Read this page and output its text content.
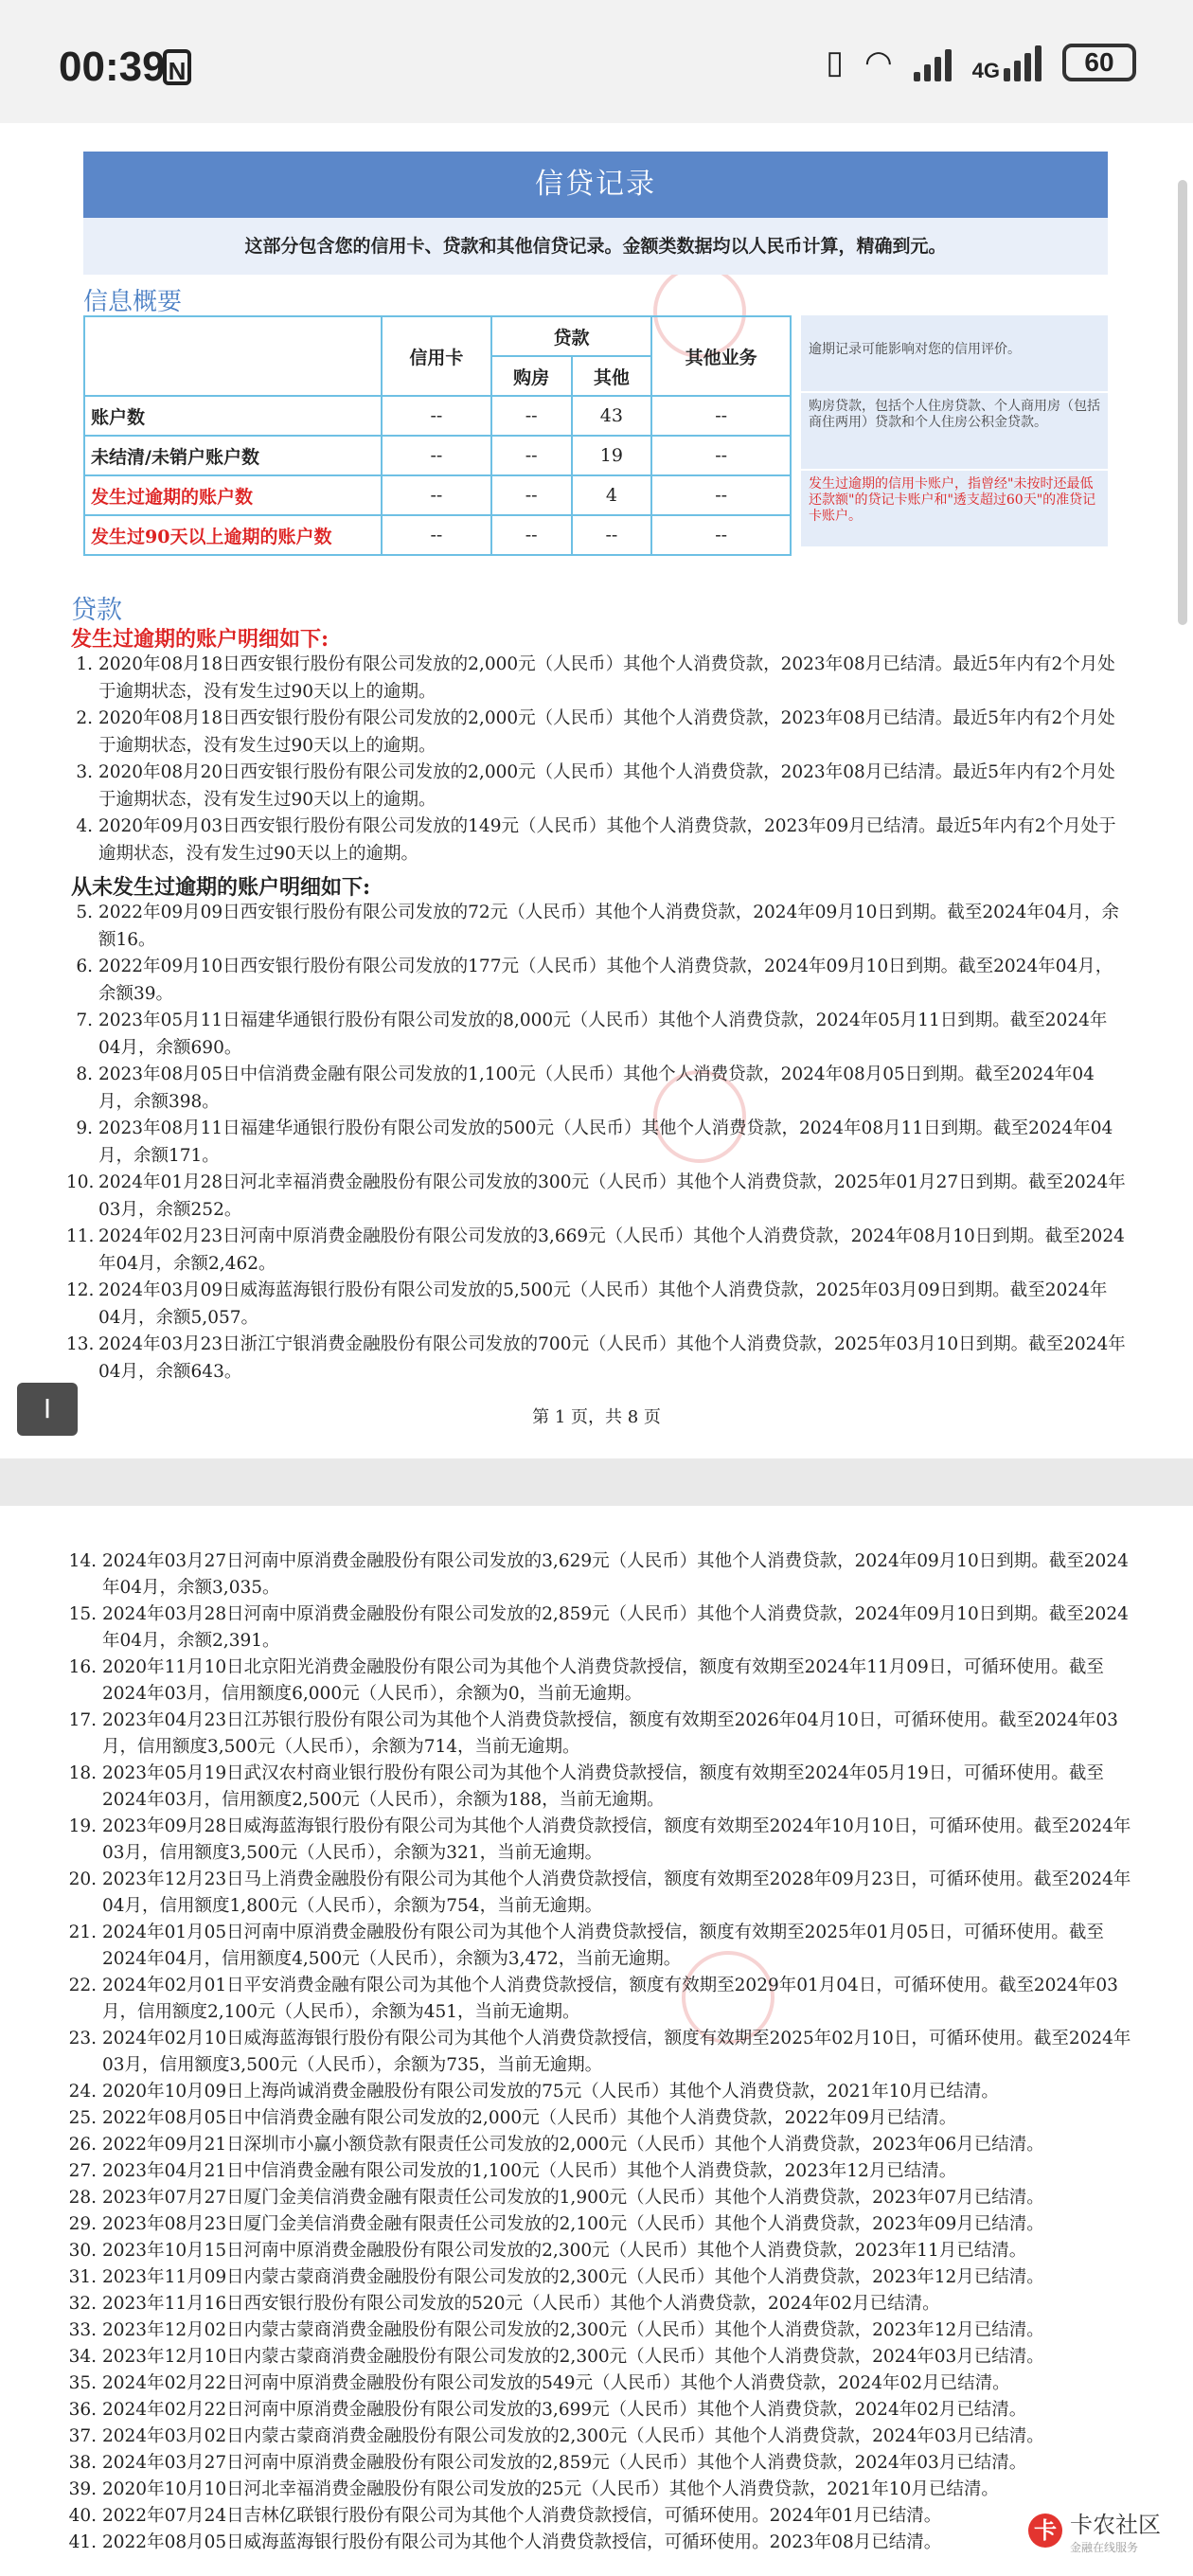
00:39 N	▯ ◠	4G	60
信贷记录
这部分包含您的信用卡、贷款和其他信贷记录。金额类数据均以人民币计算，精确到元。
信息概要
	信用卡	贷款		其他业务
		购房	其他	
账户数	--	--	43	--
未结清/未销户账户数	--	--	19	--
发生过逾期的账户数	--	--	4	--
发生过90天以上逾期的账户数	--	--	--	--
逾期记录可能影响对您的信用评价。
购房贷款，包括个人住房贷款、个人商用房（包括商住两用）贷款和个人住房公积金贷款。
发生过逾期的信用卡账户，指曾经"未按时还最低还款额"的贷记卡账户和"透支超过60天"的准贷记卡账户。
贷款
发生过逾期的账户明细如下:
1. 2020年08月18日西安银行股份有限公司发放的2,000元（人民币）其他个人消费贷款，2023年08月已结清。最近5年内有2个月处于逾期状态，没有发生过90天以上的逾期。
2. 2020年08月18日西安银行股份有限公司发放的2,000元（人民币）其他个人消费贷款，2023年08月已结清。最近5年内有2个月处于逾期状态，没有发生过90天以上的逾期。
3. 2020年08月20日西安银行股份有限公司发放的2,000元（人民币）其他个人消费贷款，2023年08月已结清。最近5年内有2个月处于逾期状态，没有发生过90天以上的逾期。
4. 2020年09月03日西安银行股份有限公司发放的149元（人民币）其他个人消费贷款，2023年09月已结清。最近5年内有2个月处于逾期状态，没有发生过90天以上的逾期。
从未发生过逾期的账户明细如下:
5. 2022年09月09日西安银行股份有限公司发放的72元（人民币）其他个人消费贷款，2024年09月10日到期。截至2024年04月，余额16。
6. 2022年09月10日西安银行股份有限公司发放的177元（人民币）其他个人消费贷款，2024年09月10日到期。截至2024年04月，余额39。
7. 2023年05月11日福建华通银行股份有限公司发放的8,000元（人民币）其他个人消费贷款，2024年05月11日到期。截至2024年04月，余额690。
8. 2023年08月05日中信消费金融有限公司发放的1,100元（人民币）其他个人消费贷款，2024年08月05日到期。截至2024年04月，余额398。
9. 2023年08月11日福建华通银行股份有限公司发放的500元（人民币）其他个人消费贷款，2024年08月11日到期。截至2024年04月，余额171。
10. 2024年01月28日河北幸福消费金融股份有限公司发放的300元（人民币）其他个人消费贷款，2025年01月27日到期。截至2024年03月，余额252。
11. 2024年02月23日河南中原消费金融股份有限公司发放的3,669元（人民币）其他个人消费贷款，2024年08月10日到期。截至2024年04月，余额2,462。
12. 2024年03月09日威海蓝海银行股份有限公司发放的5,500元（人民币）其他个人消费贷款，2025年03月09日到期。截至2024年04月，余额5,057。
13. 2024年03月23日浙江宁银消费金融股份有限公司发放的700元（人民币）其他个人消费贷款，2025年03月10日到期。截至2024年04月，余额643。
I	第 1 页，共 8 页
14. 2024年03月27日河南中原消费金融股份有限公司发放的3,629元（人民币）其他个人消费贷款，2024年09月10日到期。截至2024年04月，余额3,035。
15. 2024年03月28日河南中原消费金融股份有限公司发放的2,859元（人民币）其他个人消费贷款，2024年09月10日到期。截至2024年04月，余额2,391。
16. 2020年11月10日北京阳光消费金融股份有限公司为其他个人消费贷款授信，额度有效期至2024年11月09日，可循环使用。截至2024年03月，信用额度6,000元（人民币），余额为0，当前无逾期。
17. 2023年04月23日江苏银行股份有限公司为其他个人消费贷款授信，额度有效期至2026年04月10日，可循环使用。截至2024年03月，信用额度3,500元（人民币），余额为714，当前无逾期。
18. 2023年05月19日武汉农村商业银行股份有限公司为其他个人消费贷款授信，额度有效期至2024年05月19日，可循环使用。截至2024年03月，信用额度2,500元（人民币），余额为188，当前无逾期。
19. 2023年09月28日威海蓝海银行股份有限公司为其他个人消费贷款授信，额度有效期至2024年10月10日，可循环使用。截至2024年03月，信用额度3,500元（人民币），余额为321，当前无逾期。
20. 2023年12月23日马上消费金融股份有限公司为其他个人消费贷款授信，额度有效期至2028年09月23日，可循环使用。截至2024年04月，信用额度1,800元（人民币），余额为754，当前无逾期。
21. 2024年01月05日河南中原消费金融股份有限公司为其他个人消费贷款授信，额度有效期至2025年01月05日，可循环使用。截至2024年04月，信用额度4,500元（人民币），余额为3,472，当前无逾期。
22. 2024年02月01日平安消费金融有限公司为其他个人消费贷款授信，额度有效期至2029年01月04日，可循环使用。截至2024年03月，信用额度2,100元（人民币），余额为451，当前无逾期。
23. 2024年02月10日威海蓝海银行股份有限公司为其他个人消费贷款授信，额度有效期至2025年02月10日，可循环使用。截至2024年03月，信用额度3,500元（人民币），余额为735，当前无逾期。
24. 2020年10月09日上海尚诚消费金融股份有限公司发放的75元（人民币）其他个人消费贷款，2021年10月已结清。
25. 2022年08月05日中信消费金融有限公司发放的2,000元（人民币）其他个人消费贷款，2022年09月已结清。
26. 2022年09月21日深圳市小赢小额贷款有限责任公司发放的2,000元（人民币）其他个人消费贷款，2023年06月已结清。
27. 2023年04月21日中信消费金融有限公司发放的1,100元（人民币）其他个人消费贷款，2023年12月已结清。
28. 2023年07月27日厦门金美信消费金融有限责任公司发放的1,900元（人民币）其他个人消费贷款，2023年07月已结清。
29. 2023年08月23日厦门金美信消费金融有限责任公司发放的2,100元（人民币）其他个人消费贷款，2023年09月已结清。
30. 2023年10月15日河南中原消费金融股份有限公司发放的2,300元（人民币）其他个人消费贷款，2023年11月已结清。
31. 2023年11月09日内蒙古蒙商消费金融股份有限公司发放的2,300元（人民币）其他个人消费贷款，2023年12月已结清。
32. 2023年11月16日西安银行股份有限公司发放的520元（人民币）其他个人消费贷款，2024年02月已结清。
33. 2023年12月02日内蒙古蒙商消费金融股份有限公司发放的2,300元（人民币）其他个人消费贷款，2023年12月已结清。
34. 2023年12月10日内蒙古蒙商消费金融股份有限公司发放的2,300元（人民币）其他个人消费贷款，2024年03月已结清。
35. 2024年02月22日河南中原消费金融股份有限公司发放的549元（人民币）其他个人消费贷款，2024年02月已结清。
36. 2024年02月22日河南中原消费金融股份有限公司发放的3,699元（人民币）其他个人消费贷款，2024年02月已结清。
37. 2024年03月02日内蒙古蒙商消费金融股份有限公司发放的2,300元（人民币）其他个人消费贷款，2024年03月已结清。
38. 2024年03月27日河南中原消费金融股份有限公司发放的2,859元（人民币）其他个人消费贷款，2024年03月已结清。
39. 2020年10月10日河北幸福消费金融股份有限公司发放的25元（人民币）其他个人消费贷款，2021年10月已结清。
40. 2022年07月24日吉林亿联银行股份有限公司为其他个人消费贷款授信，可循环使用。2024年01月已结清。
41. 2022年08月05日威海蓝海银行股份有限公司为其他个人消费贷款授信，可循环使用。2023年08月已结清。	卡 卡农社区
金融在线服务
